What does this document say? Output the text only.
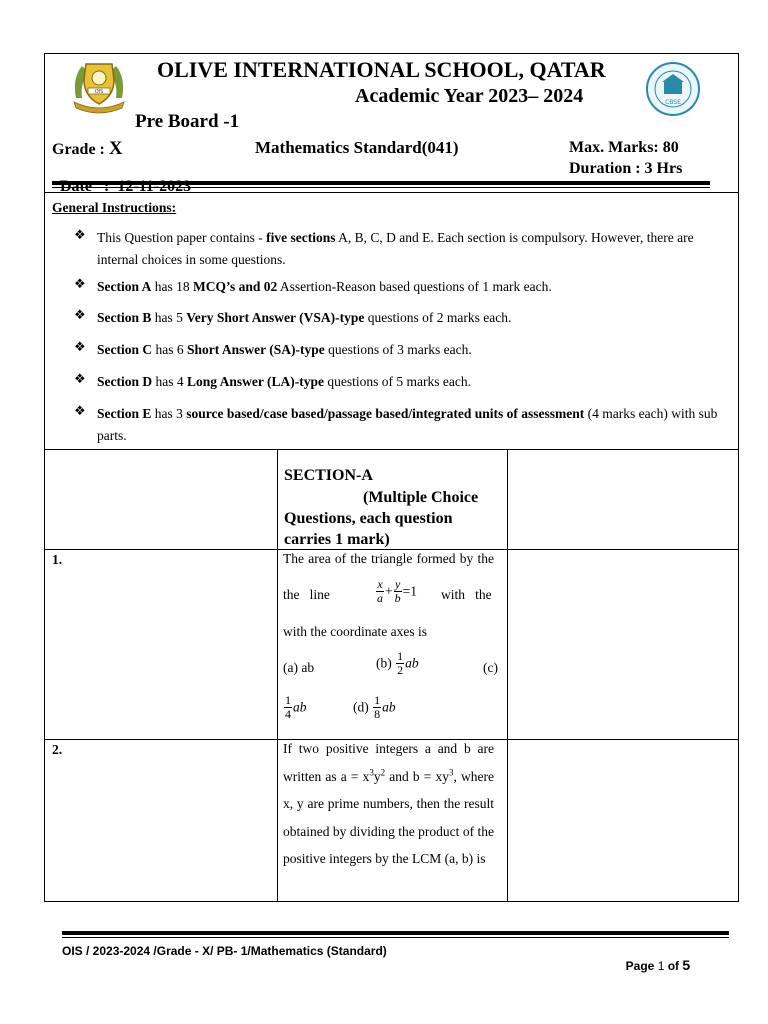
OIS
CBSE
OLIVE INTERNATIONAL SCHOOL, QATAR
Academic Year 2023– 2024
Pre Board -1
Grade : X	Mathematics Standard(041)	Max. Marks: 80

Duration : 3 Hrs
General Instructions:
❖ This Question paper contains - five sections A, B, C, D and E. Each section is compulsory. However, there are internal choices in some questions.
❖ Section A has 18 MCQ’s and 02 Assertion-Reason based questions of 1 mark each.
❖ Section B has 5 Very Short Answer (VSA)-type questions of 2 marks each.
❖ Section C has 6 Short Answer (SA)-type questions of 3 marks each.
❖ Section D has 4 Long Answer (LA)-type questions of 5 marks each.
❖ Section E has 3 source based/case based/passage based/integrated units of assessment (4 marks each) with sub parts.
SECTION-A
(Multiple Choice Questions, each question carries 1 mark)
1.	The area of the triangle formed by the
the   line	$\frac{x}{a} + \frac{y}{b} =1$ with   the
with the coordinate axes is
(a) ab	$(b) \frac{1}{2}$ ab	(c)
$\frac{1}{4}$ ab	$(d) \frac{1}{8}$ ab
2.	If two positive integers a and b are written as $a = x^3y^2$ and $b = xy^3$, where x, y are prime numbers, then the result obtained by dividing the product of the positive integers by the LCM (a, b) is
OIS / 2023-2024 /Grade - X/ PB- 1/Mathematics (Standard)

Page 1 of 5
